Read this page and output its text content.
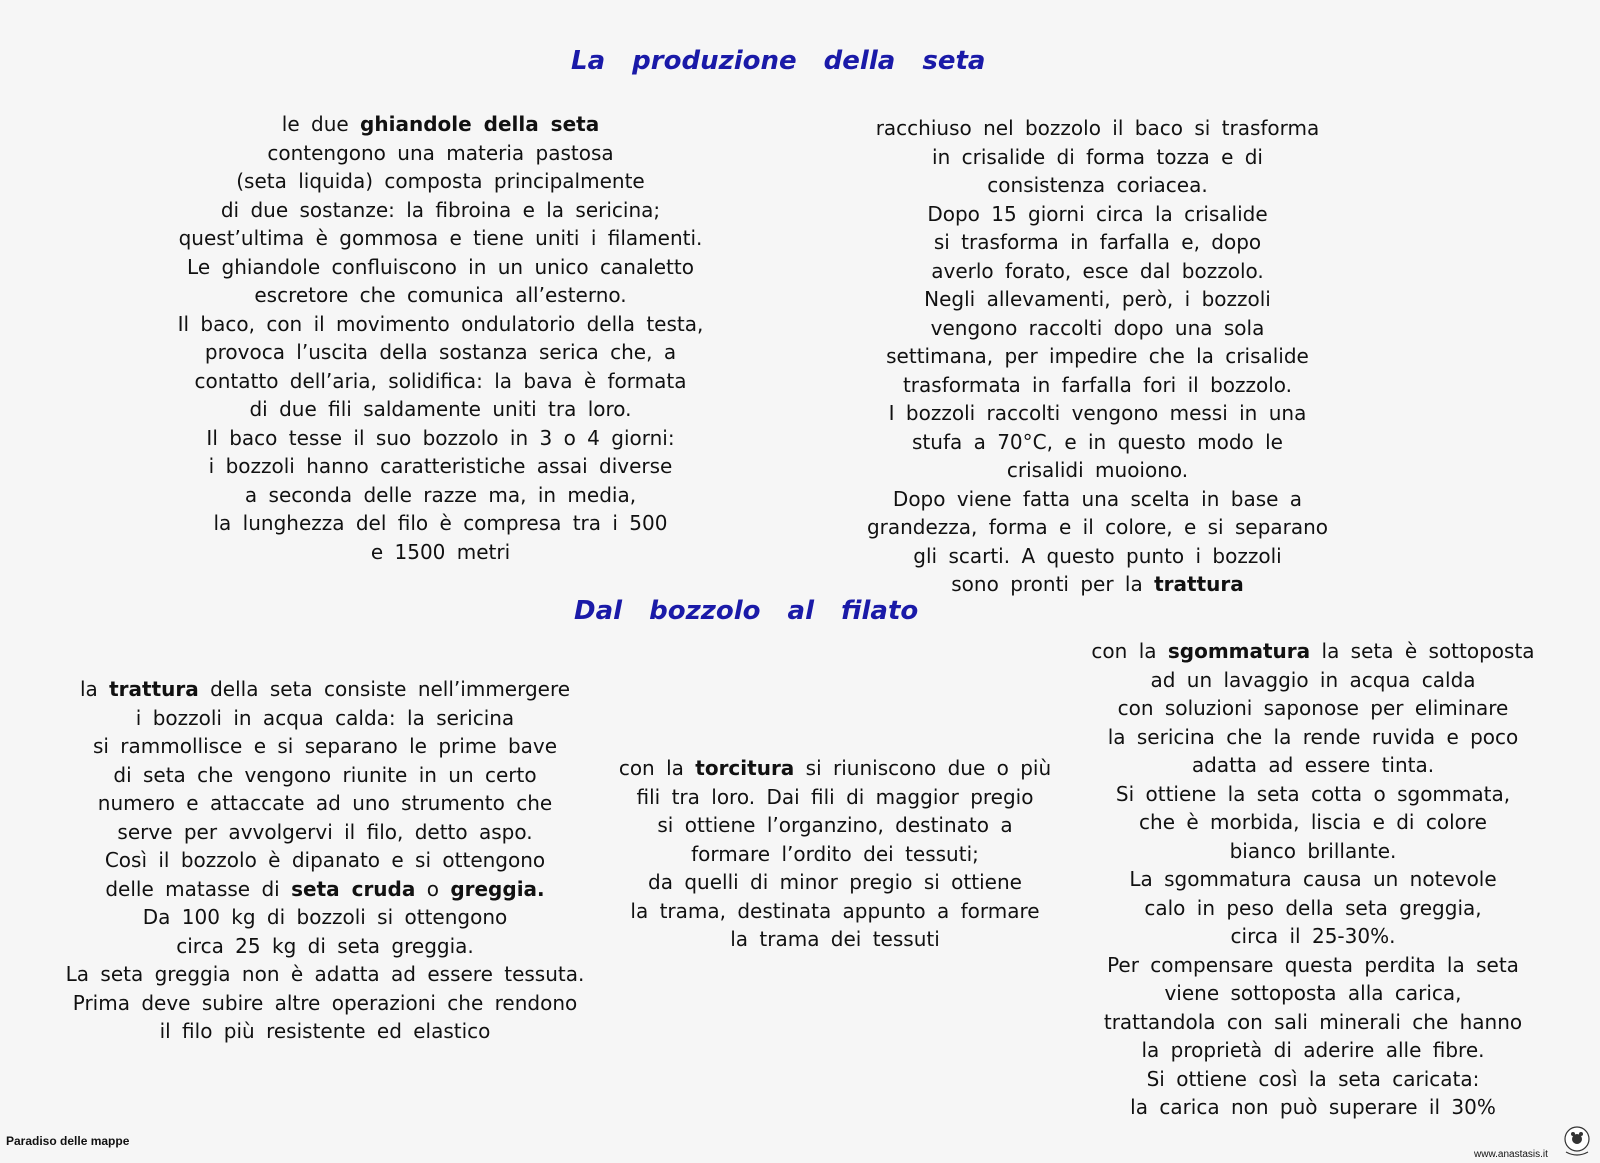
La produzione della seta
le due ghiandole della seta
contengono una materia pastosa
(seta liquida) composta principalmente
di due sostanze: la fibroina e la sericina;
quest’ultima è gommosa e tiene uniti i filamenti.
Le ghiandole confluiscono in un unico canaletto
escretore che comunica all’esterno.
Il baco, con il movimento ondulatorio della testa,
provoca l’uscita della sostanza serica che, a
contatto dell’aria, solidifica: la bava è formata
di due fili saldamente uniti tra loro.
Il baco tesse il suo bozzolo in 3 o 4 giorni:
i bozzoli hanno caratteristiche assai diverse
a seconda delle razze ma, in media,
la lunghezza del filo è compresa tra i 500
e 1500 metri
racchiuso nel bozzolo il baco si trasforma
in crisalide di forma tozza e di
consistenza coriacea.
Dopo 15 giorni circa la crisalide
si trasforma in farfalla e, dopo
averlo forato, esce dal bozzolo.
Negli allevamenti, però, i bozzoli
vengono raccolti dopo una sola
settimana, per impedire che la crisalide
trasformata in farfalla fori il bozzolo.
I bozzoli raccolti vengono messi in una
stufa a 70°C, e in questo modo le
crisalidi muoiono.
Dopo viene fatta una scelta in base a
grandezza, forma e il colore, e si separano
gli scarti. A questo punto i bozzoli
sono pronti per la trattura
Dal bozzolo al filato
la trattura della seta consiste nell’immergere
i bozzoli in acqua calda: la sericina
si rammollisce e si separano le prime bave
di seta che vengono riunite in un certo
numero e attaccate ad uno strumento che
serve per avvolgervi il filo, detto aspo.
Così il bozzolo è dipanato e si ottengono
delle matasse di seta cruda o greggia.
Da 100 kg di bozzoli si ottengono
circa 25 kg di seta greggia.
La seta greggia non è adatta ad essere tessuta.
Prima deve subire altre operazioni che rendono
il filo più resistente ed elastico
con la torcitura si riuniscono due o più
fili tra loro. Dai fili di maggior pregio
si ottiene l’organzino, destinato a
formare l’ordito dei tessuti;
da quelli di minor pregio si ottiene
la trama, destinata appunto a formare
la trama dei tessuti
con la sgommatura la seta è sottoposta
ad un lavaggio in acqua calda
con soluzioni saponose per eliminare
la sericina che la rende ruvida e poco
adatta ad essere tinta.
Si ottiene la seta cotta o sgommata,
che è morbida, liscia e di colore
bianco brillante.
La sgommatura causa un notevole
calo in peso della seta greggia,
circa il 25-30%.
Per compensare questa perdita la seta
viene sottoposta alla carica,
trattandola con sali minerali che hanno
la proprietà di aderire alle fibre.
Si ottiene così la seta caricata:
la carica non può superare il 30%
Paradiso delle mappe
www.anastasis.it
